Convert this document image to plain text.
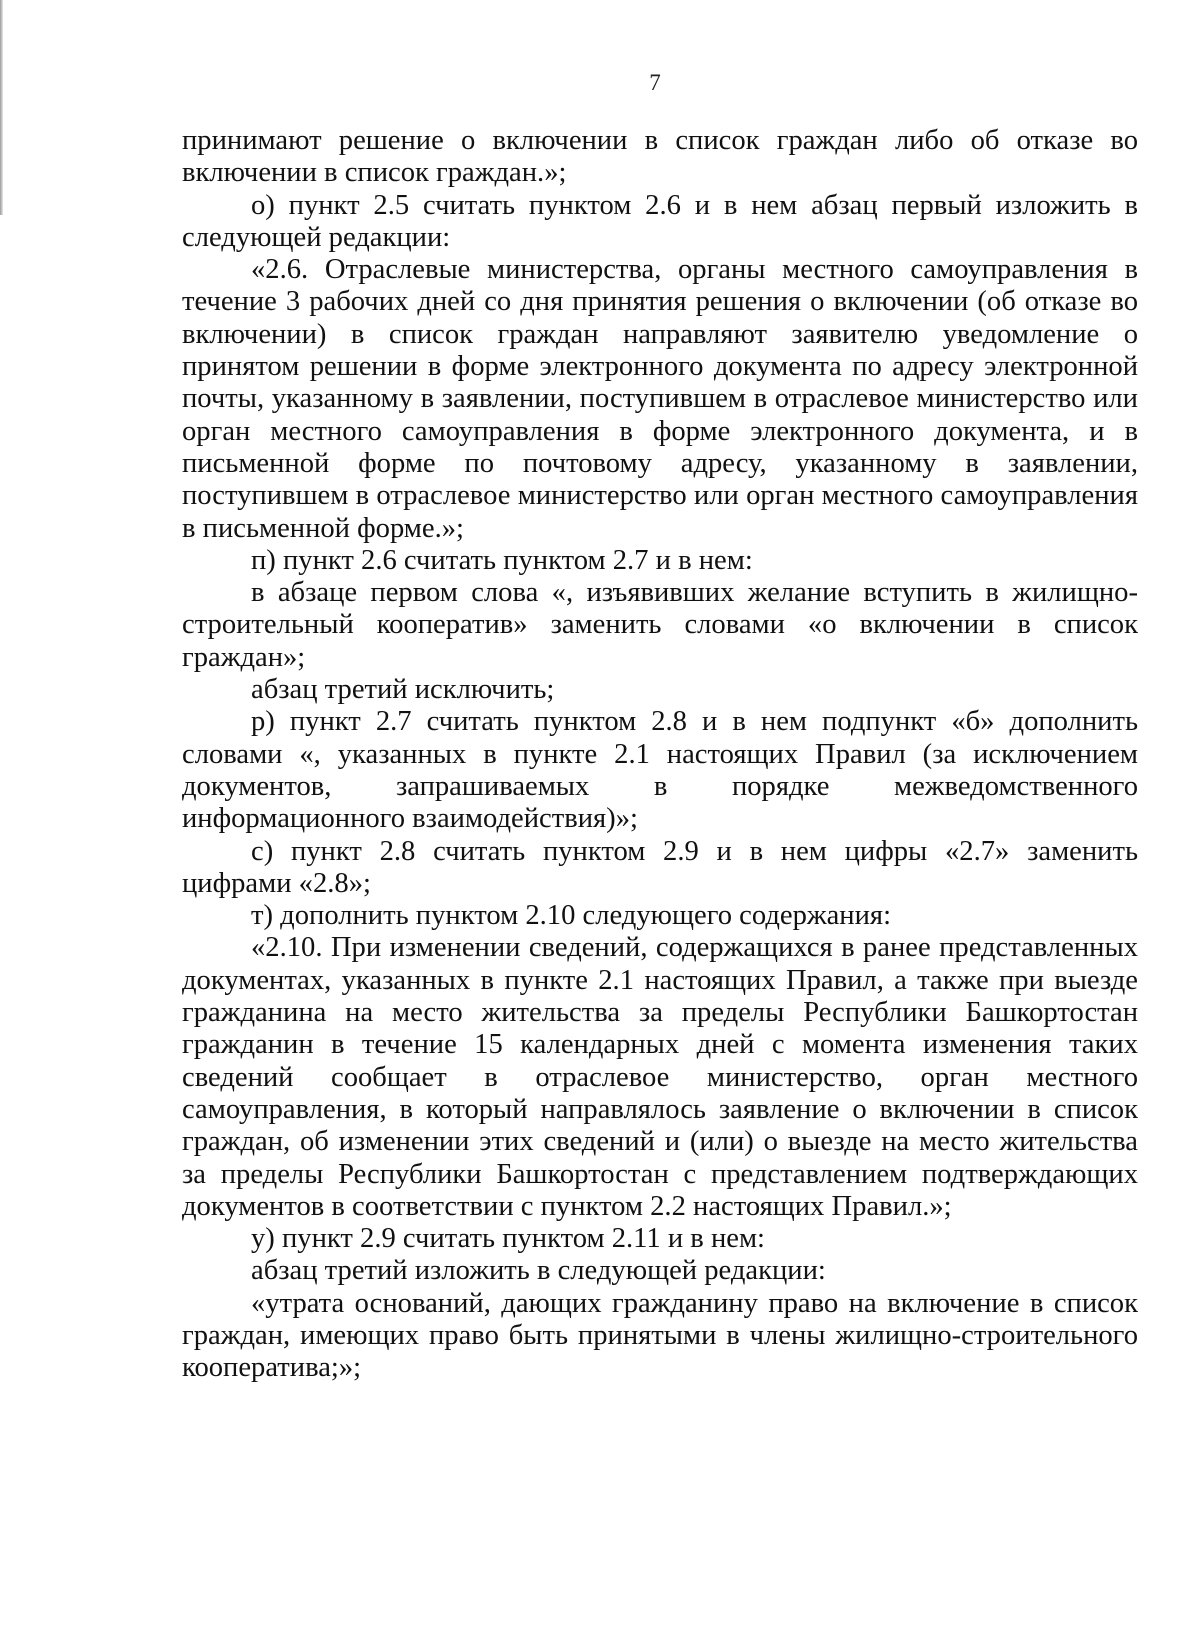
7

принимают решение о включении в список граждан либо об отказе во включении в список граждан.»;

о) пункт 2.5 считать пунктом 2.6 и в нем абзац первый изложить в следующей редакции:

«2.6. Отраслевые министерства, органы местного самоуправления в течение 3 рабочих дней со дня принятия решения о включении (об отказе во включении) в список граждан направляют заявителю уведомление о принятом решении в форме электронного документа по адресу электронной почты, указанному в заявлении, поступившем в отраслевое министерство или орган местного самоуправления в форме электронного документа, и в письменной форме по почтовому адресу, указанному в заявлении, поступившем в отраслевое министерство или орган местного самоуправления в письменной форме.»;

п) пункт 2.6 считать пунктом 2.7 и в нем:

в абзаце первом слова «, изъявивших желание вступить в жилищно-строительный кооператив» заменить словами «о включении в список граждан»;

абзац третий исключить;

р) пункт 2.7 считать пунктом 2.8 и в нем подпункт «б» дополнить словами «, указанных в пункте 2.1 настоящих Правил (за исключением документов, запрашиваемых в порядке межведомственного информационного взаимодействия)»;

с) пункт 2.8 считать пунктом 2.9 и в нем цифры «2.7» заменить цифрами «2.8»;

т) дополнить пунктом 2.10 следующего содержания:

«2.10. При изменении сведений, содержащихся в ранее представленных документах, указанных в пункте 2.1 настоящих Правил, а также при выезде гражданина на место жительства за пределы Республики Башкортостан гражданин в течение 15 календарных дней с момента изменения таких сведений сообщает в отраслевое министерство, орган местного самоуправления, в который направлялось заявление о включении в список граждан, об изменении этих сведений и (или) о выезде на место жительства за пределы Республики Башкортостан с представлением подтверждающих документов в соответствии с пунктом 2.2 настоящих Правил.»;

у) пункт 2.9 считать пунктом 2.11 и в нем:

абзац третий изложить в следующей редакции:

«утрата оснований, дающих гражданину право на включение в список граждан, имеющих право быть принятыми в члены жилищно-строительного кооператива;»;
